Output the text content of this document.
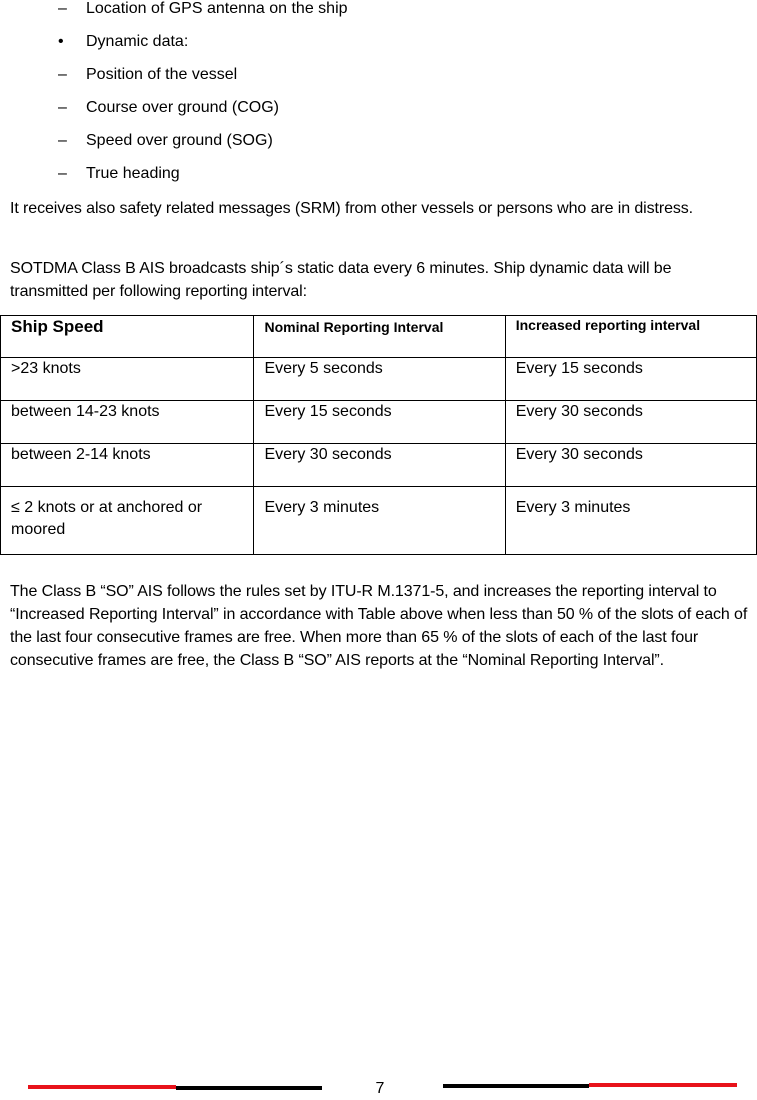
–	Location of GPS antenna on the ship
•	Dynamic data:
–	Position of the vessel
–	Course over ground (COG)
–	Speed over ground (SOG)
–	True heading
It receives also safety related messages (SRM) from other vessels or persons who are in distress.
SOTDMA Class B AIS broadcasts ship´s static data every 6 minutes. Ship dynamic data will be transmitted per following reporting interval:
Ship Speed	Nominal Reporting Interval	Increased reporting interval
>23 knots	Every 5 seconds	Every 15 seconds
between 14-23 knots	Every 15 seconds	Every 30 seconds
between 2-14 knots	Every 30 seconds	Every 30 seconds
≤ 2 knots or at anchored or moored	Every 3 minutes	Every 3 minutes
The Class B “SO” AIS follows the rules set by ITU-R M.1371-5, and increases the reporting interval to “Increased Reporting Interval” in accordance with Table above when less than 50 % of the slots of each of the last four consecutive frames are free. When more than 65 % of the slots of each of the last four consecutive frames are free, the Class B “SO” AIS reports at the “Nominal Reporting Interval”.
7
